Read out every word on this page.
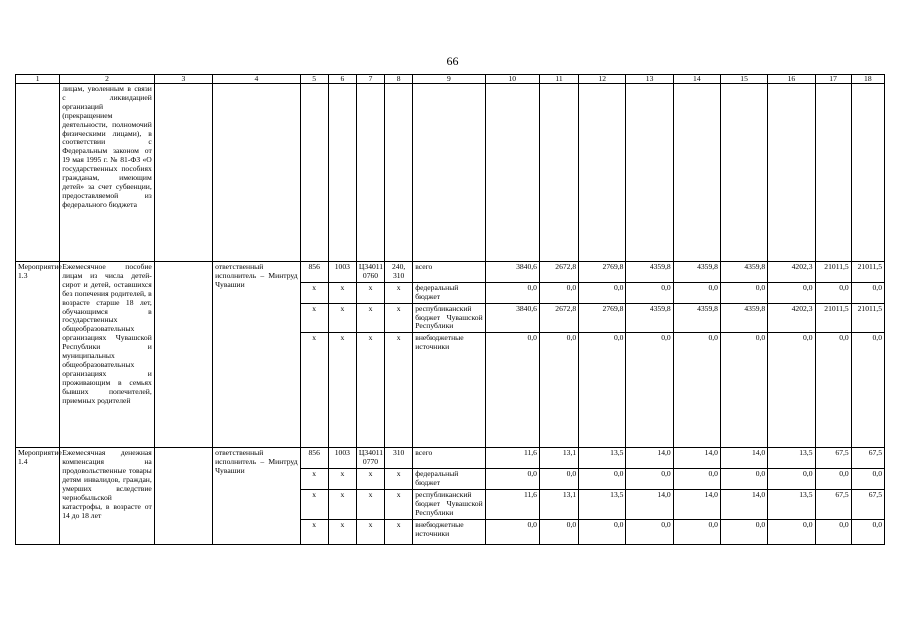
66
1	2	3	4	5	6	7	8	9	10	11	12	13	14	15	16	17	18
	лицам, уволенным в связи с ликвидацией организаций (прекращением деятельности, полномочий физическими лицами), в соответствии с Федеральным законом от 19 мая 1995 г. № 81-ФЗ «О государственных пособиях гражданам, имеющим детей» за счет субвенции, предоставляемой из федерального бюджета																
Мероприятие 1.3	Ежемесячное пособие лицам из числа детей-сирот и детей, оставшихся без попечения родителей, в возрасте старше 18 лет, обучающимся в государственных общеобразовательных организациях Чувашской Республики и муниципальных общеобразовательных организациях и проживающим в семьях бывших попечителей, приемных родителей		ответственный исполнитель – Минтруд Чувашии	856	1003	Ц34011 0760	240, 310	всего	3840,6	2672,8	2769,8	4359,8	4359,8	4359,8	4202,3	21011,5	21011,5
				х	х	х	х	федеральный бюджет	0,0	0,0	0,0	0,0	0,0	0,0	0,0	0,0	0,0
				х	х	х	х	республиканский бюджет Чувашской Республики	3840,6	2672,8	2769,8	4359,8	4359,8	4359,8	4202,3	21011,5	21011,5
				х	х	х	х	внебюджетные источники	0,0	0,0	0,0	0,0	0,0	0,0	0,0	0,0	0,0
Мероприятие 1.4	Ежемесячная денежная компенсация на продовольственные товары детям инвалидов, граждан, умерших вследствие чернобыльской катастрофы, в возрасте от 14 до 18 лет		ответственный исполнитель – Минтруд Чувашии	856	1003	Ц34011 0770	310	всего	11,6	13,1	13,5	14,0	14,0	14,0	13,5	67,5	67,5
				х	х	х	х	федеральный бюджет	0,0	0,0	0,0	0,0	0,0	0,0	0,0	0,0	0,0
				х	х	х	х	республиканский бюджет Чувашской Республики	11,6	13,1	13,5	14,0	14,0	14,0	13,5	67,5	67,5
				х	х	х	х	внебюджетные источники	0,0	0,0	0,0	0,0	0,0	0,0	0,0	0,0	0,0
